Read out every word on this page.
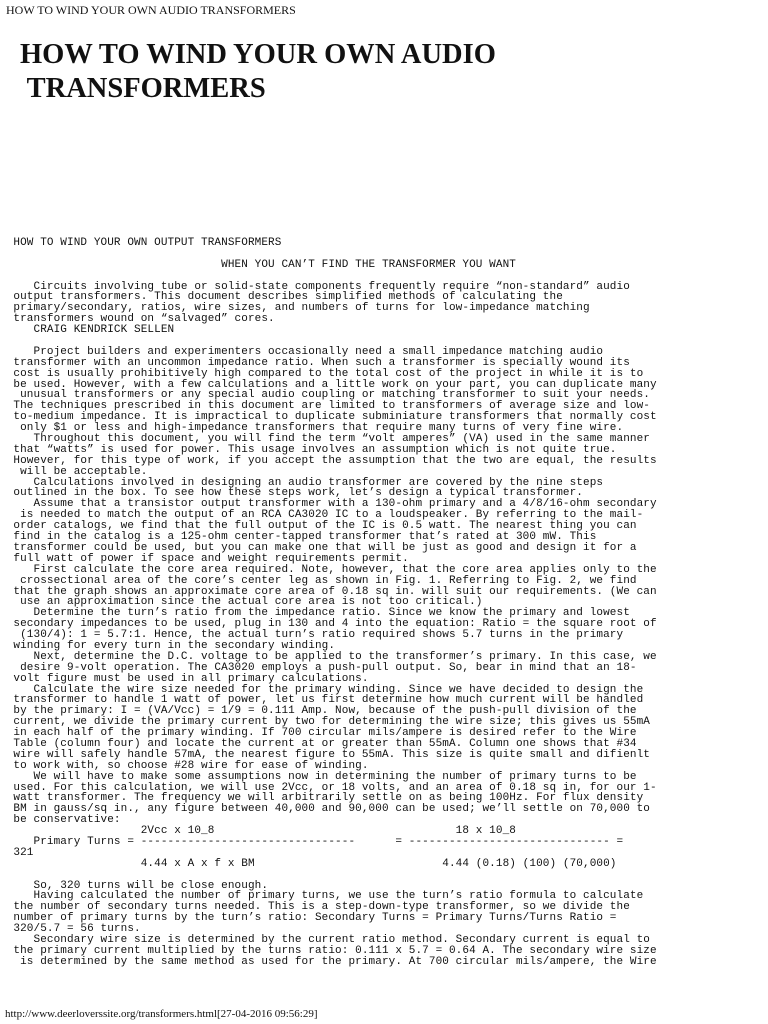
HOW TO WIND YOUR OWN AUDIO TRANSFORMERS
HOW TO WIND YOUR OWN AUDIO
TRANSFORMERS
HOW TO WIND YOUR OWN OUTPUT TRANSFORMERS
WHEN YOU CAN’T FIND THE TRANSFORMER YOU WANT
Circuits involving tube or solid-state components frequently require “non-standard” audio
output transformers. This document describes simplified methods of calculating the
primary/secondary, ratios, wire sizes, and numbers of turns for low-impedance matching
transformers wound on “salvaged” cores.
CRAIG KENDRICK SELLEN
Project builders and experimenters occasionally need a small impedance matching audio
transformer with an uncommon impedance ratio. When such a transformer is specially wound its
cost is usually prohibitively high compared to the total cost of the project in while it is to
be used. However, with a few calculations and a little work on your part, you can duplicate many
unusual transformers or any special audio coupling or matching transformer to suit your needs.
The techniques prescribed in this document are limited to transformers of average size and low-
to-medium impedance. It is impractical to duplicate subminiature transformers that normally cost
only $1 or less and high-impedance transformers that require many turns of very fine wire.
Throughout this document, you will find the term “volt amperes” (VA) used in the same manner
that “watts” is used for power. This usage involves an assumption which is not quite true.
However, for this type of work, if you accept the assumption that the two are equal, the results
will be acceptable.
Calculations involved in designing an audio transformer are covered by the nine steps
outlined in the box. To see how these steps work, let’s design a typical transformer.
Assume that a transistor output transformer with a 130-ohm primary and a 4/8/16-ohm secondary
is needed to match the output of an RCA CA3020 IC to a loudspeaker. By referring to the mail-
order catalogs, we find that the full output of the IC is 0.5 watt. The nearest thing you can
find in the catalog is a 125-ohm center-tapped transformer that’s rated at 300 mW. This
transformer could be used, but you can make one that will be just as good and design it for a
full watt of power if space and weight requirements permit.
First calculate the core area required. Note, however, that the core area applies only to the
crossectional area of the core’s center leg as shown in Fig. 1. Referring to Fig. 2, we find
that the graph shows an approximate core area of 0.18 sq in. will suit our requirements. (We can
use an approximation since the actual core area is not too critical.)
Determine the turn’s ratio from the impedance ratio. Since we know the primary and lowest
secondary impedances to be used, plug in 130 and 4 into the equation: Ratio = the square root of
(130/4): 1 = 5.7:1. Hence, the actual turn’s ratio required shows 5.7 turns in the primary
winding for every turn in the secondary winding.
Next, determine the D.C. voltage to be applied to the transformer’s primary. In this case, we
desire 9-volt operation. The CA3020 employs a push-pull output. So, bear in mind that an 18-
volt figure must be used in all primary calculations.
Calculate the wire size needed for the primary winding. Since we have decided to design the
transformer to handle 1 watt of power, let us first determine how much current will be handled
by the primary: I = (VA/Vcc) = 1/9 = 0.111 Amp. Now, because of the push-pull division of the
current, we divide the primary current by two for determining the wire size; this gives us 55mA
in each half of the primary winding. If 700 circular mils/ampere is desired refer to the Wire
Table (column four) and locate the current at or greater than 55mA. Column one shows that #34
wire will safely handle 57mA, the nearest figure to 55mA. This size is quite small and difienlt
to work with, so choose #28 wire for ease of winding.
We will have to make some assumptions now in determining the number of primary turns to be
used. For this calculation, we will use 2Vcc, or 18 volts, and an area of 0.18 sq in, for our 1-
watt transformer. The frequency we will arbitrarily settle on as being 100Hz. For flux density
BM in gauss/sq in., any figure between 40,000 and 90,000 can be used; we’ll settle on 70,000 to
be conservative:
2Vcc x 10_8                                    18 x 10_8
Primary Turns = --------------------------------      = ------------------------------ =
321
4.44 x A x f x BM                            4.44 (0.18) (100) (70,000)
So, 320 turns will be close enough.
Having calculated the number of primary turns, we use the turn’s ratio formula to calculate
the number of secondary turns needed. This is a step-down-type transformer, so we divide the
number of primary turns by the turn’s ratio: Secondary Turns = Primary Turns/Turns Ratio =
320/5.7 = 56 turns.
Secondary wire size is determined by the current ratio method. Secondary current is equal to
the primary current multiplied by the turns ratio: 0.111 x 5.7 = 0.64 A. The secondary wire size
is determined by the same method as used for the primary. At 700 circular mils/ampere, the Wire
http://www.deerloverssite.org/transformers.html[27-04-2016 09:56:29]
